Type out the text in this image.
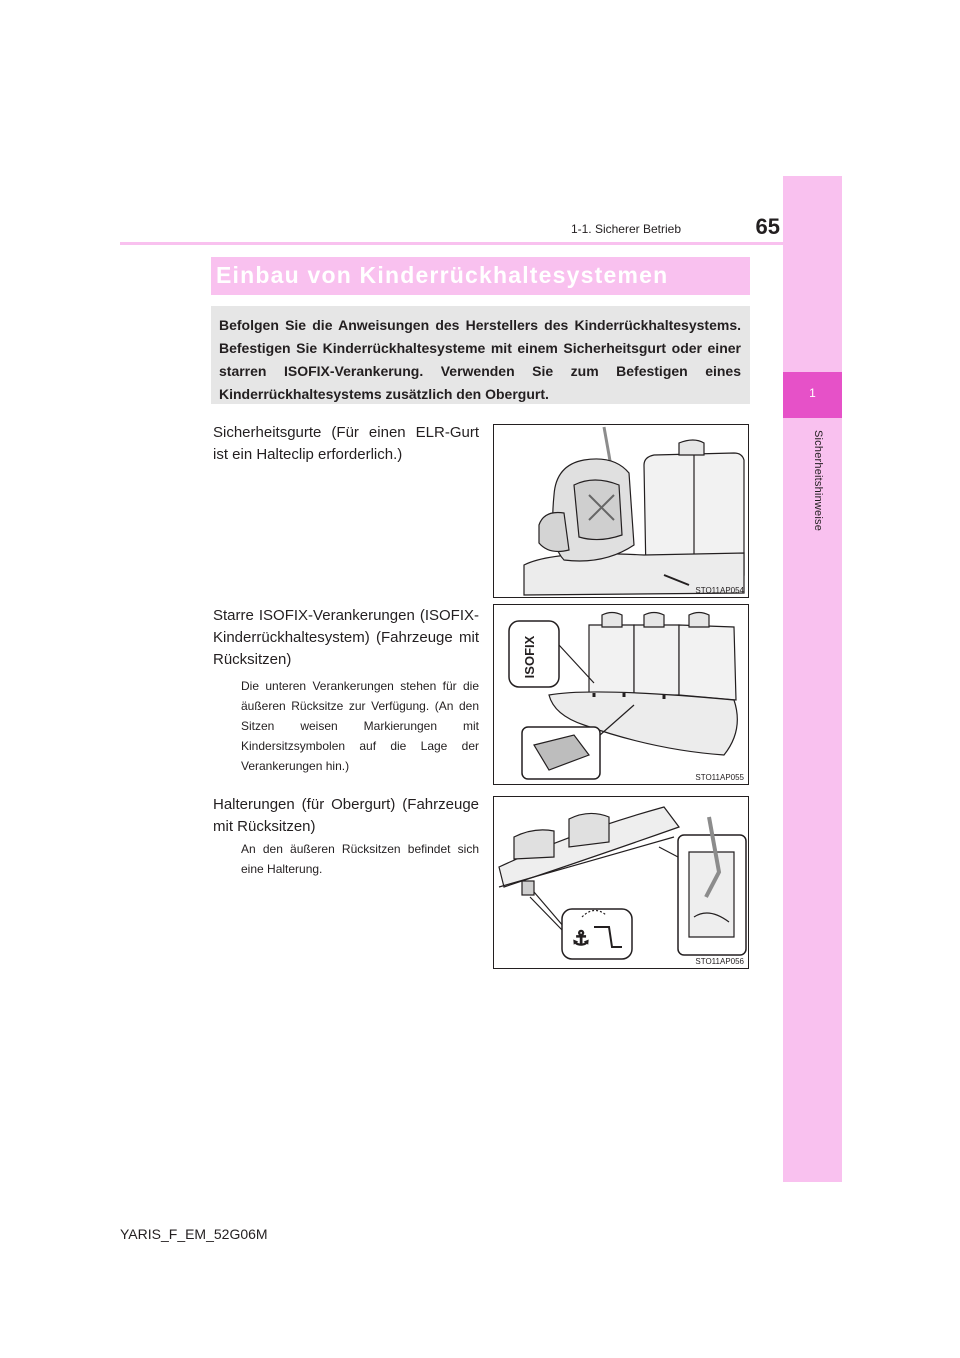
1
Sicherheitshinweise
65
1-1. Sicherer Betrieb
Einbau von Kinderrückhaltesystemen
Befolgen Sie die Anweisungen des Herstellers des Kinderrückhaltesystems. Befestigen Sie Kinderrückhaltesysteme mit einem Sicherheitsgurt oder einer starren ISOFIX-Verankerung. Verwenden Sie zum Befestigen eines Kinderrückhaltesystems zusätzlich den Obergurt.
Sicherheitsgurte (Für einen ELR-Gurt ist ein Halteclip erforderlich.)
STO11AP054
Starre ISOFIX-Verankerungen (ISOFIX-Kinderrückhaltesystem) (Fahrzeuge mit Rücksitzen)
Die unteren Verankerungen stehen für die äußeren Rücksitze zur Verfügung. (An den Sitzen weisen Markierungen mit Kindersitzsymbolen auf die Lage der Verankerungen hin.)
ISOFIX
STO11AP055
Halterungen (für Obergurt) (Fahrzeuge mit Rücksitzen)
An den äußeren Rücksitzen befindet sich eine Halterung.
⚓
STO11AP056
YARIS_F_EM_52G06M
